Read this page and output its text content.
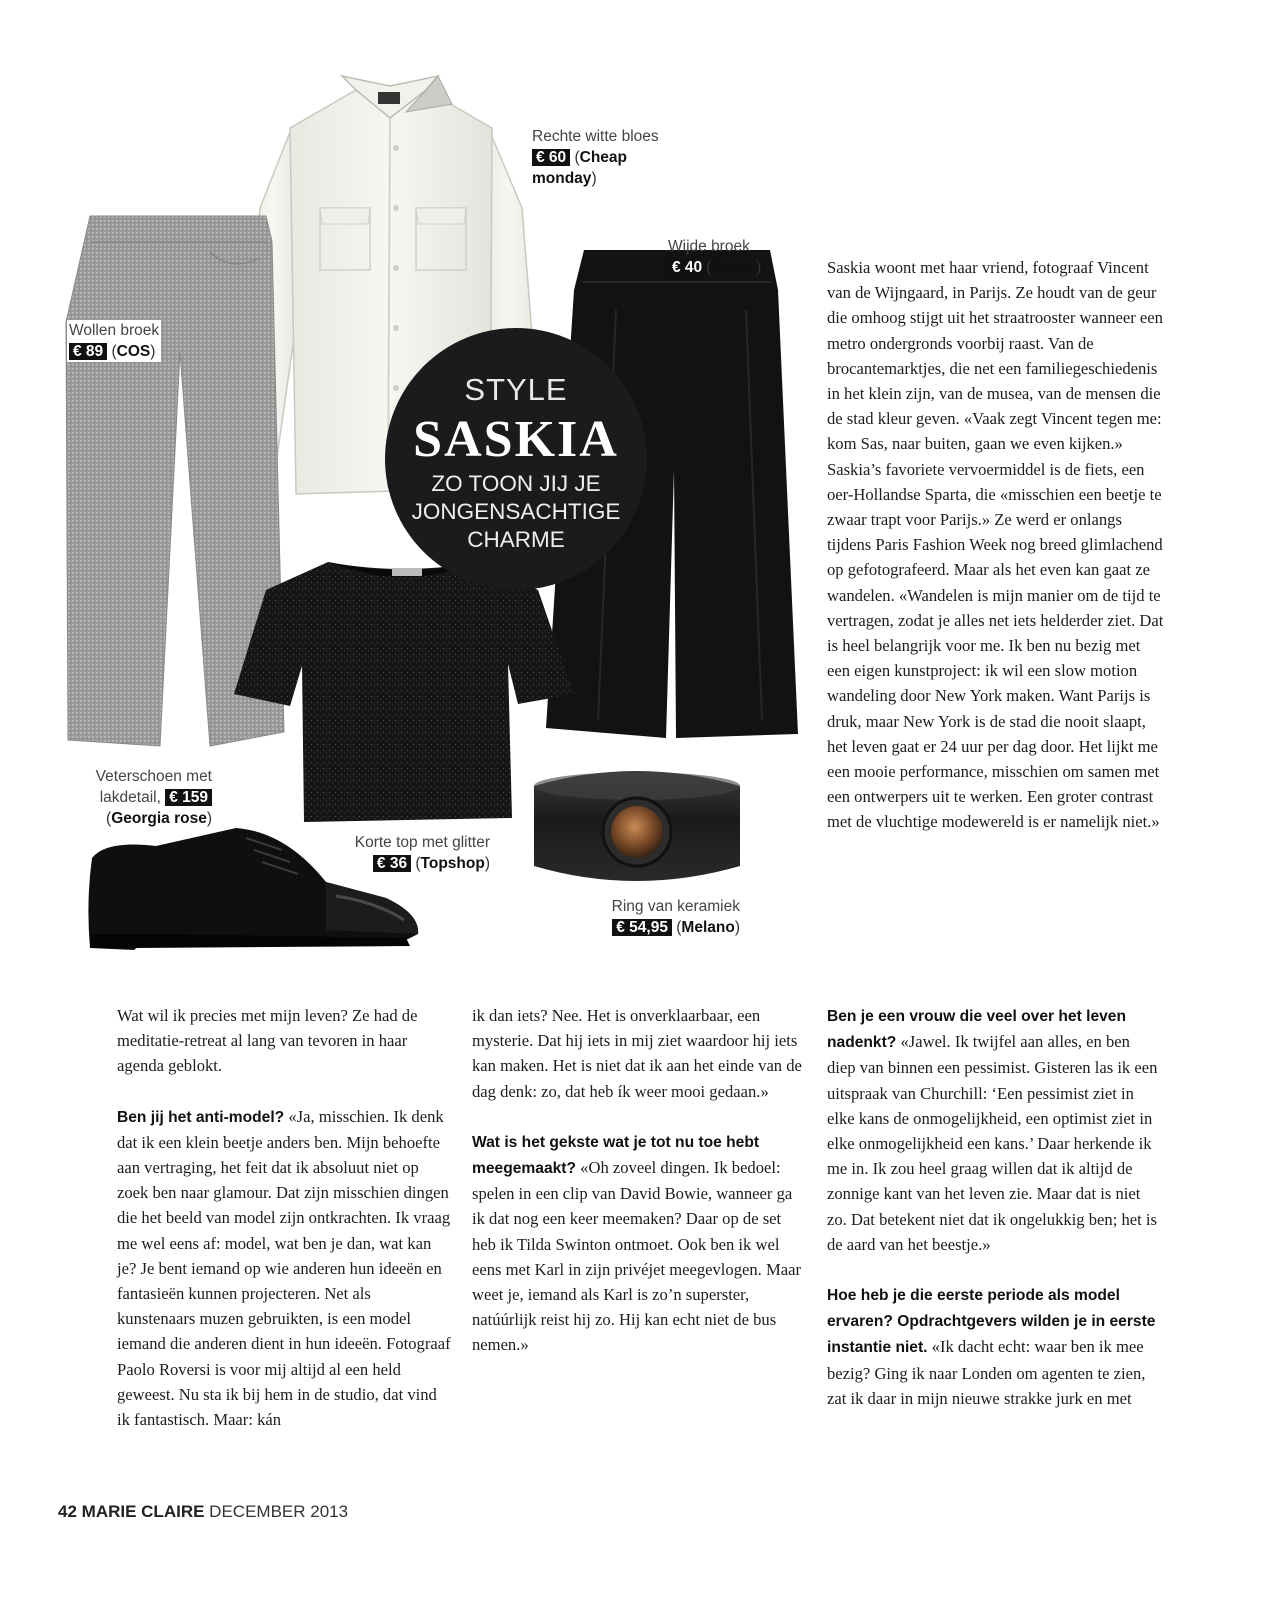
Rechte witte bloes
€ 60 (Cheap
monday)
Wijde broek
€ 40 (Monki)
Wollen broek
€ 89 (COS)
Veterschoen met
lakdetail, € 159
(Georgia rose)
Korte top met glitter
€ 36 (Topshop)
Ring van keramiek
€ 54,95 (Melano)
STYLE
SASKIA
ZO TOON JIJ JE
JONGENSACHTIGE
CHARME

Saskia woont met haar vriend, fotograaf Vincent van de Wijngaard, in Parijs. Ze houdt van de geur die omhoog stijgt uit het straatrooster wanneer een metro ondergronds voorbij raast. Van de brocantemarktjes, die net een familiegeschiedenis in het klein zijn, van de musea, van de mensen die de stad kleur geven. «Vaak zegt Vincent tegen me: kom Sas, naar buiten, gaan we even kijken.» Saskia’s favoriete vervoermiddel is de fiets, een oer-Hollandse Sparta, die «misschien een beetje te zwaar trapt voor Parijs.» Ze werd er onlangs tijdens Paris Fashion Week nog breed glimlachend op gefotografeerd. Maar als het even kan gaat ze wandelen. «Wandelen is mijn manier om de tijd te vertragen, zodat je alles net iets helderder ziet. Dat is heel belangrijk voor me. Ik ben nu bezig met een eigen kunstproject: ik wil een slow motion wandeling door New York maken. Want Parijs is druk, maar New York is de stad die nooit slaapt, het leven gaat er 24 uur per dag door. Het lijkt me een mooie performance, misschien om samen met een ontwerpers uit te werken. Een groter contrast met de vluchtige modewereld is er namelijk niet.»

Wat wil ik precies met mijn leven? Ze had de meditatie-retreat al lang van tevoren in haar agenda geblokt.

Ben jij het anti-model? «Ja, misschien. Ik denk dat ik een klein beetje anders ben. Mijn behoefte aan vertraging, het feit dat ik absoluut niet op zoek ben naar glamour. Dat zijn misschien dingen die het beeld van model zijn ontkrachten. Ik vraag me wel eens af: model, wat ben je dan, wat kan je? Je bent iemand op wie anderen hun ideeën en fantasieën kunnen projecteren. Net als kunstenaars muzen gebruikten, is een model iemand die anderen dient in hun ideeën. Fotograaf Paolo Roversi is voor mij altijd al een held geweest. Nu sta ik bij hem in de studio, dat vind ik fantastisch. Maar: kán

ik dan iets? Nee. Het is onverklaarbaar, een mysterie. Dat hij iets in mij ziet waardoor hij iets kan maken. Het is niet dat ik aan het einde van de dag denk: zo, dat heb ík weer mooi gedaan.»

Wat is het gekste wat je tot nu toe hebt meegemaakt? «Oh zoveel dingen. Ik bedoel: spelen in een clip van David Bowie, wanneer ga ik dat nog een keer meemaken? Daar op de set heb ik Tilda Swinton ontmoet. Ook ben ik wel eens met Karl in zijn privéjet meegevlogen. Maar weet je, iemand als Karl is zo’n superster, natúúrlijk reist hij zo. Hij kan echt niet de bus nemen.»

Ben je een vrouw die veel over het leven nadenkt? «Jawel. Ik twijfel aan alles, en ben diep van binnen een pessimist. Gisteren las ik een uitspraak van Churchill: ‘Een pessimist ziet in elke kans de onmogelijkheid, een optimist ziet in elke onmogelijkheid een kans.’ Daar herkende ik me in. Ik zou heel graag willen dat ik altijd de zonnige kant van het leven zie. Maar dat is niet zo. Dat betekent niet dat ik ongelukkig ben; het is de aard van het beestje.»

Hoe heb je die eerste periode als model ervaren? Opdrachtgevers wilden je in eerste instantie niet. «Ik dacht echt: waar ben ik mee bezig? Ging ik naar Londen om agenten te zien, zat ik daar in mijn nieuwe strakke jurk en met

42 MARIE CLAIRE DECEMBER 2013
